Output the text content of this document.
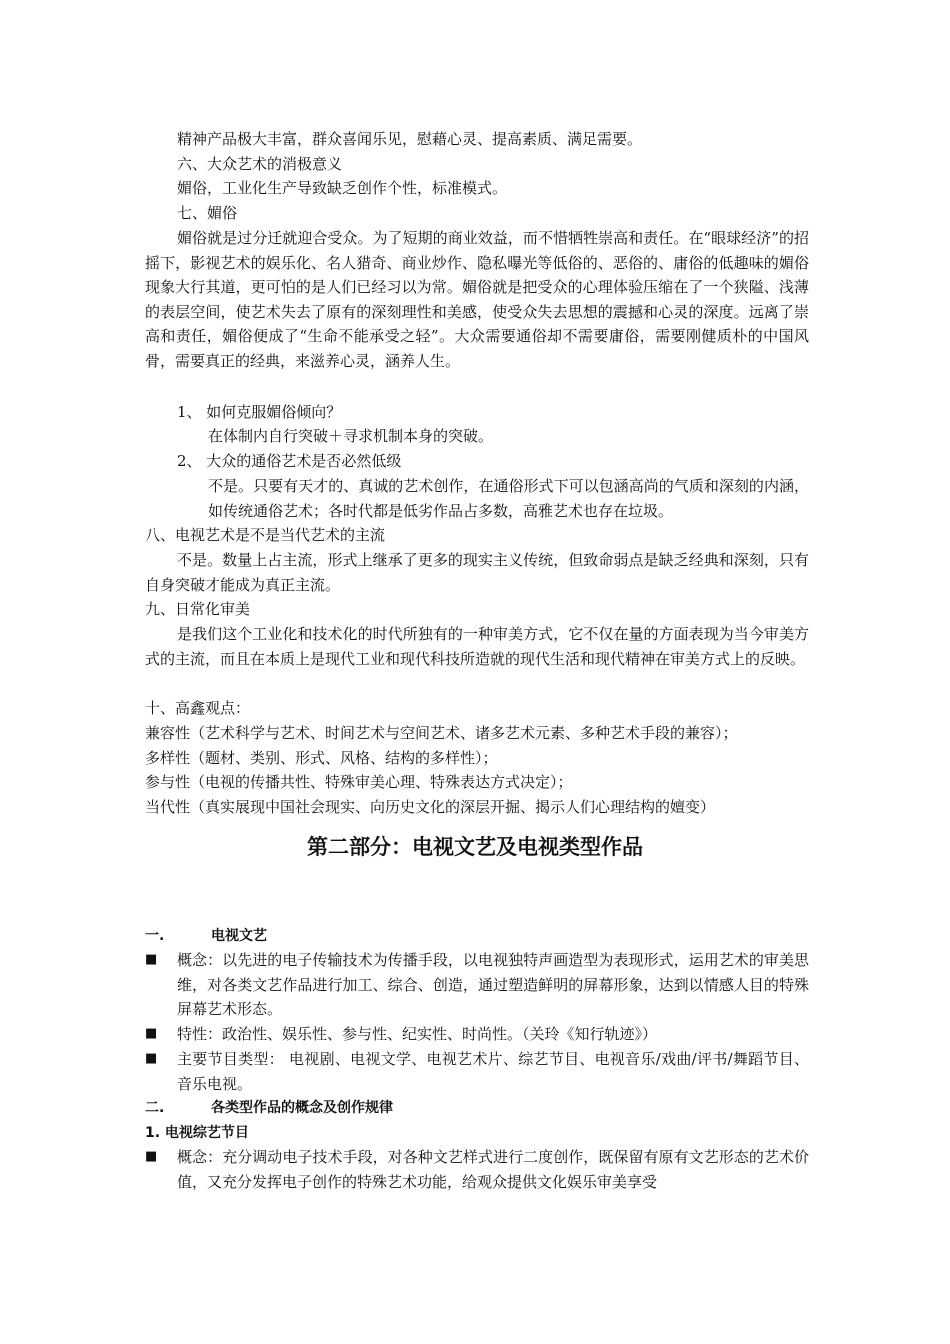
精神产品极大丰富，群众喜闻乐见，慰藉心灵、提高素质、满足需要。
六、大众艺术的消极意义
媚俗，工业化生产导致缺乏创作个性，标准模式。
七、媚俗
媚俗就是过分迁就迎合受众。为了短期的商业效益，而不惜牺牲崇高和责任。在“眼球经济”的招摇下，影视艺术的娱乐化、名人猎奇、商业炒作、隐私曝光等低俗的、恶俗的、庸俗的低趣味的媚俗现象大行其道，更可怕的是人们已经习以为常。媚俗就是把受众的心理体验压缩在了一个狭隘、浅薄的表层空间，使艺术失去了原有的深刻理性和美感，使受众失去思想的震撼和心灵的深度。远离了崇高和责任，媚俗便成了“生命不能承受之轻”。大众需要通俗却不需要庸俗，需要刚健质朴的中国风骨，需要真正的经典，来滋养心灵，涵养人生。
1、 如何克服媚俗倾向？
在体制内自行突破＋寻求机制本身的突破。
2、 大众的通俗艺术是否必然低级
不是。只要有天才的、真诚的艺术创作，在通俗形式下可以包涵高尚的气质和深刻的内涵，如传统通俗艺术；各时代都是低劣作品占多数，高雅艺术也存在垃圾。
八、电视艺术是不是当代艺术的主流
不是。数量上占主流，形式上继承了更多的现实主义传统，但致命弱点是缺乏经典和深刻，只有自身突破才能成为真正主流。
九、日常化审美
是我们这个工业化和技术化的时代所独有的一种审美方式，它不仅在量的方面表现为当今审美方式的主流，而且在本质上是现代工业和现代科技所造就的现代生活和现代精神在审美方式上的反映。
十、高鑫观点：
兼容性（艺术科学与艺术、时间艺术与空间艺术、诸多艺术元素、多种艺术手段的兼容）；
多样性（题材、类别、形式、风格、结构的多样性）；
参与性（电视的传播共性、特殊审美心理、特殊表达方式决定）；
当代性（真实展现中国社会现实、向历史文化的深层开掘、揭示人们心理结构的嬗变）
第二部分：电视文艺及电视类型作品
一.	电视文艺
■ 概念：以先进的电子传输技术为传播手段，以电视独特声画造型为表现形式，运用艺术的审美思维，对各类文艺作品进行加工、综合、创造，通过塑造鲜明的屏幕形象，达到以情感人目的特殊屏幕艺术形态。
■ 特性：政治性、娱乐性、参与性、纪实性、时尚性。（关玲《知行轨迹》）
■ 主要节目类型： 电视剧、电视文学、电视艺术片、综艺节目、电视音乐/戏曲/评书/舞蹈节目、音乐电视。
二.	各类型作品的概念及创作规律
1. 电视综艺节目
■ 概念：充分调动电子技术手段，对各种文艺样式进行二度创作，既保留有原有文艺形态的艺术价值，又充分发挥电子创作的特殊艺术功能，给观众提供文化娱乐审美享受
